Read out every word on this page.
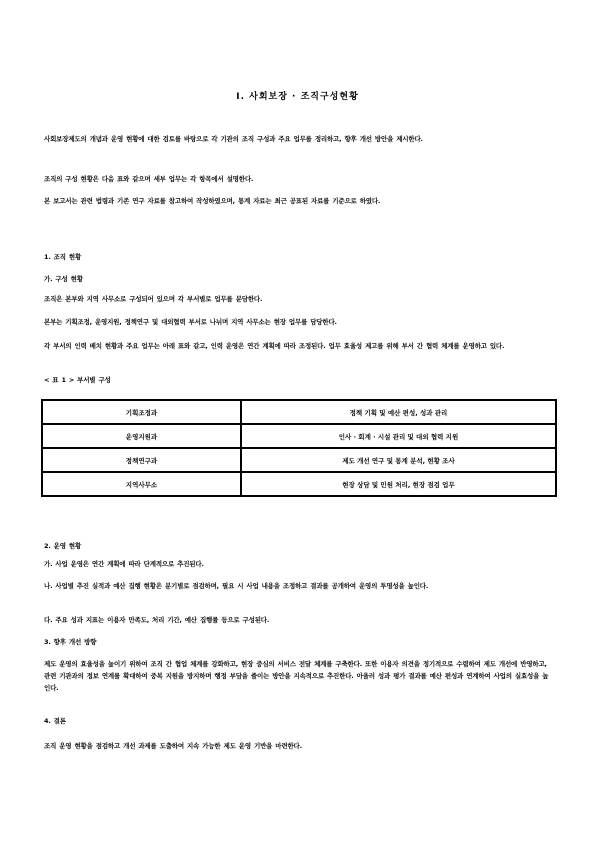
Ⅰ. 사회보장 · 조직구성현황
사회보장제도의 개념과 운영 현황에 대한 검토를 바탕으로 각 기관의 조직 구성과 주요 업무를 정리하고, 향후 개선 방안을 제시한다.
조직의 구성 현황은 다음 표와 같으며 세부 업무는 각 항목에서 설명한다.
본 보고서는 관련 법령과 기존 연구 자료를 참고하여 작성하였으며, 통계 자료는 최근 공표된 자료를 기준으로 하였다.
1. 조직 현황
가. 구성 현황
조직은 본부와 지역 사무소로 구성되어 있으며 각 부서별로 업무를 분담한다.
본부는 기획조정, 운영지원, 정책연구 및 대외협력 부서로 나뉘며 지역 사무소는 현장 업무를 담당한다.
각 부서의 인력 배치 현황과 주요 업무는 아래 표와 같고, 인력 운영은 연간 계획에 따라 조정된다. 업무 효율성 제고를 위해 부서 간 협력 체계를 운영하고 있다.
< 표 1 > 부서별 구성
기획조정과	정책 기획 및 예산 편성, 성과 관리
운영지원과	인사 · 회계 · 시설 관리 및 대외 협력 지원
정책연구과	제도 개선 연구 및 통계 분석, 현황 조사
지역사무소	현장 상담 및 민원 처리, 현장 점검 업무
2. 운영 현황
가. 사업 운영은 연간 계획에 따라 단계적으로 추진된다.
나. 사업별 추진 실적과 예산 집행 현황은 분기별로 점검하며, 필요 시 사업 내용을 조정하고 결과를 공개하여 운영의 투명성을 높인다.
다. 주요 성과 지표는 이용자 만족도, 처리 기간, 예산 집행률 등으로 구성된다.
3. 향후 개선 방향
제도 운영의 효율성을 높이기 위하여 조직 간 협업 체계를 강화하고, 현장 중심의 서비스 전달 체계를 구축한다. 또한 이용자 의견을 정기적으로 수렴하여 제도 개선에 반영하고, 관련 기관과의 정보 연계를 확대하여 중복 지원을 방지하며 행정 부담을 줄이는 방안을 지속적으로 추진한다. 아울러 성과 평가 결과를 예산 편성과 연계하여 사업의 실효성을 높인다.
4. 결론
조직 운영 현황을 점검하고 개선 과제를 도출하여 지속 가능한 제도 운영 기반을 마련한다.
